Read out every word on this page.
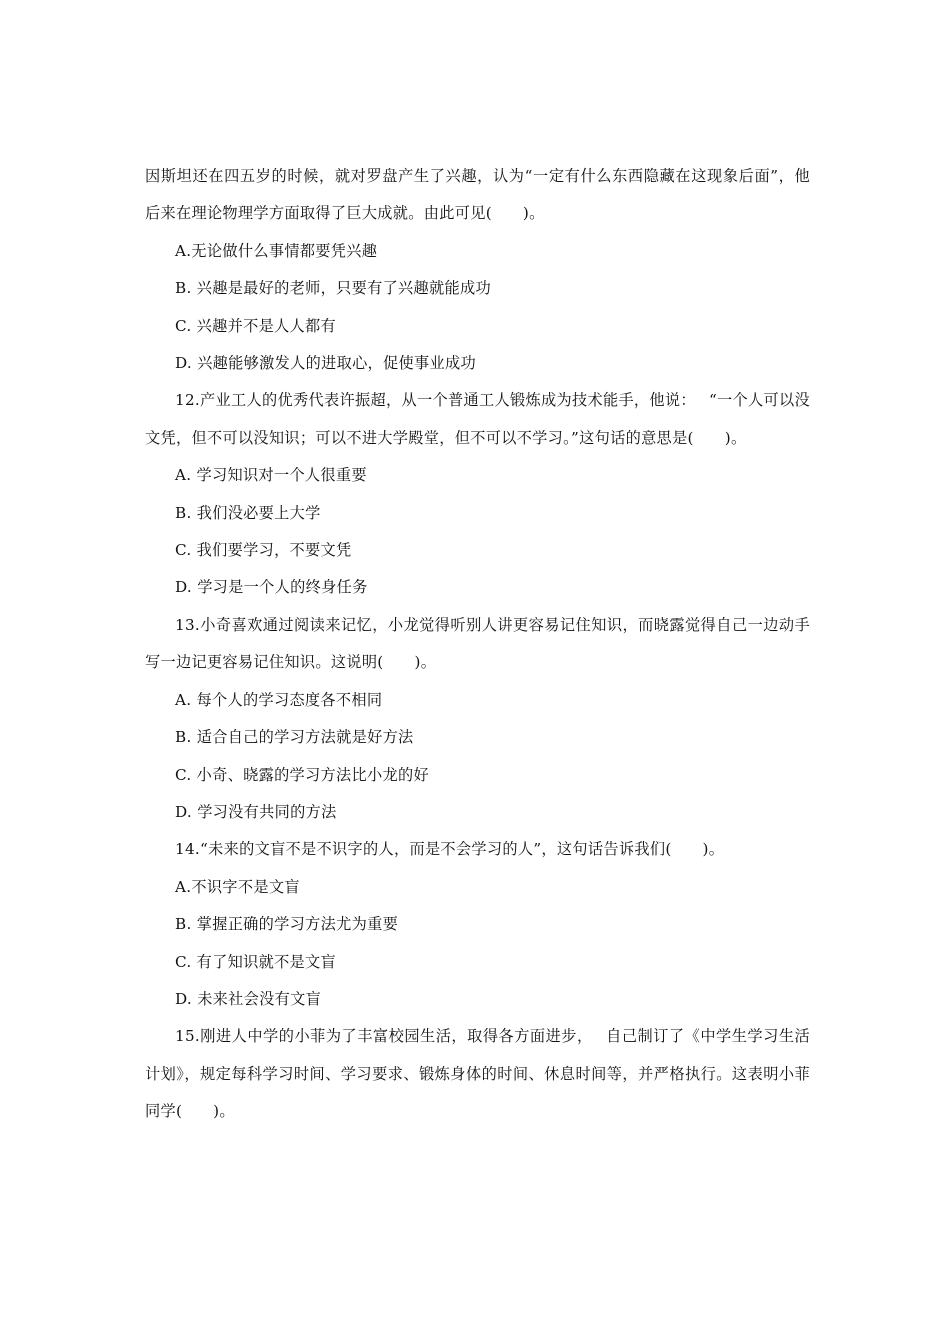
因斯坦还在四五岁的时候，就对罗盘产生了兴趣，认为“一定有什么东西隐藏在这现象后面”，他后来在理论物理学方面取得了巨大成就。由此可见(　　)。

A.无论做什么事情都要凭兴趣

B. 兴趣是最好的老师，只要有了兴趣就能成功

C. 兴趣并不是人人都有

D. 兴趣能够激发人的进取心，促使事业成功

12.产业工人的优秀代表许振超，从一个普通工人锻炼成为技术能手，他说：　 “一个人可以没文凭，但不可以没知识；可以不进大学殿堂，但不可以不学习。”这句话的意思是(　　)。

A. 学习知识对一个人很重要

B. 我们没必要上大学

C. 我们要学习，不要文凭

D. 学习是一个人的终身任务

13.小奇喜欢通过阅读来记忆，小龙觉得听别人讲更容易记住知识，而晓露觉得自己一边动手写一边记更容易记住知识。这说明(　　)。

A. 每个人的学习态度各不相同

B. 适合自己的学习方法就是好方法

C. 小奇、晓露的学习方法比小龙的好

D. 学习没有共同的方法

14.“未来的文盲不是不识字的人，而是不会学习的人”，这句话告诉我们(　　)。

A.不识字不是文盲

B. 掌握正确的学习方法尤为重要

C. 有了知识就不是文盲

D. 未来社会没有文盲

15.刚进人中学的小菲为了丰富校园生活，取得各方面进步，　 自己制订了《中学生学习生活计划》，规定每科学习时间、学习要求、锻炼身体的时间、休息时间等，并严格执行。这表明小菲同学(　　)。
